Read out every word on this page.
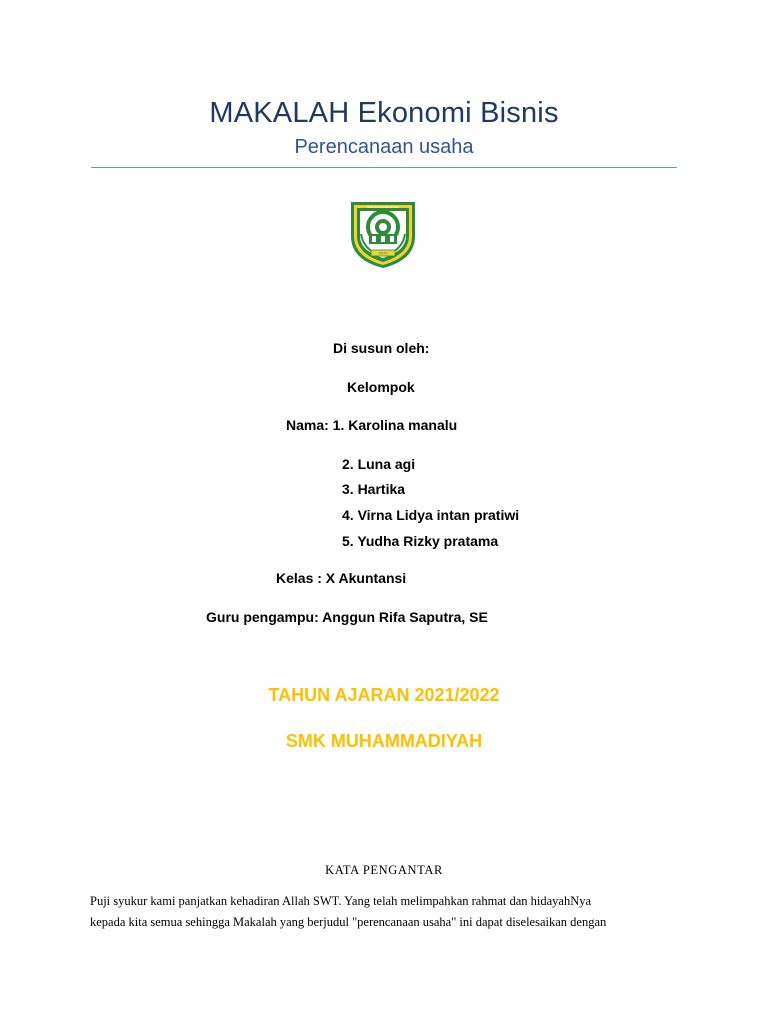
MAKALAH Ekonomi Bisnis
Perencanaan usaha
SMK MUHAMMADIYAH
SINJAI
Di susun oleh:
Kelompok
Nama: 1. Karolina manalu
2. Luna agi
3. Hartika
4. Virna Lidya intan pratiwi
5. Yudha Rizky pratama
Kelas : X Akuntansi
Guru pengampu: Anggun Rifa Saputra, SE
TAHUN AJARAN 2021/2022
SMK MUHAMMADIYAH
KATA PENGANTAR
Puji syukur kami panjatkan kehadiran Allah SWT. Yang telah melimpahkan rahmat dan hidayahNya
kepada kita semua sehingga Makalah yang berjudul "perencanaan usaha" ini dapat diselesaikan dengan
